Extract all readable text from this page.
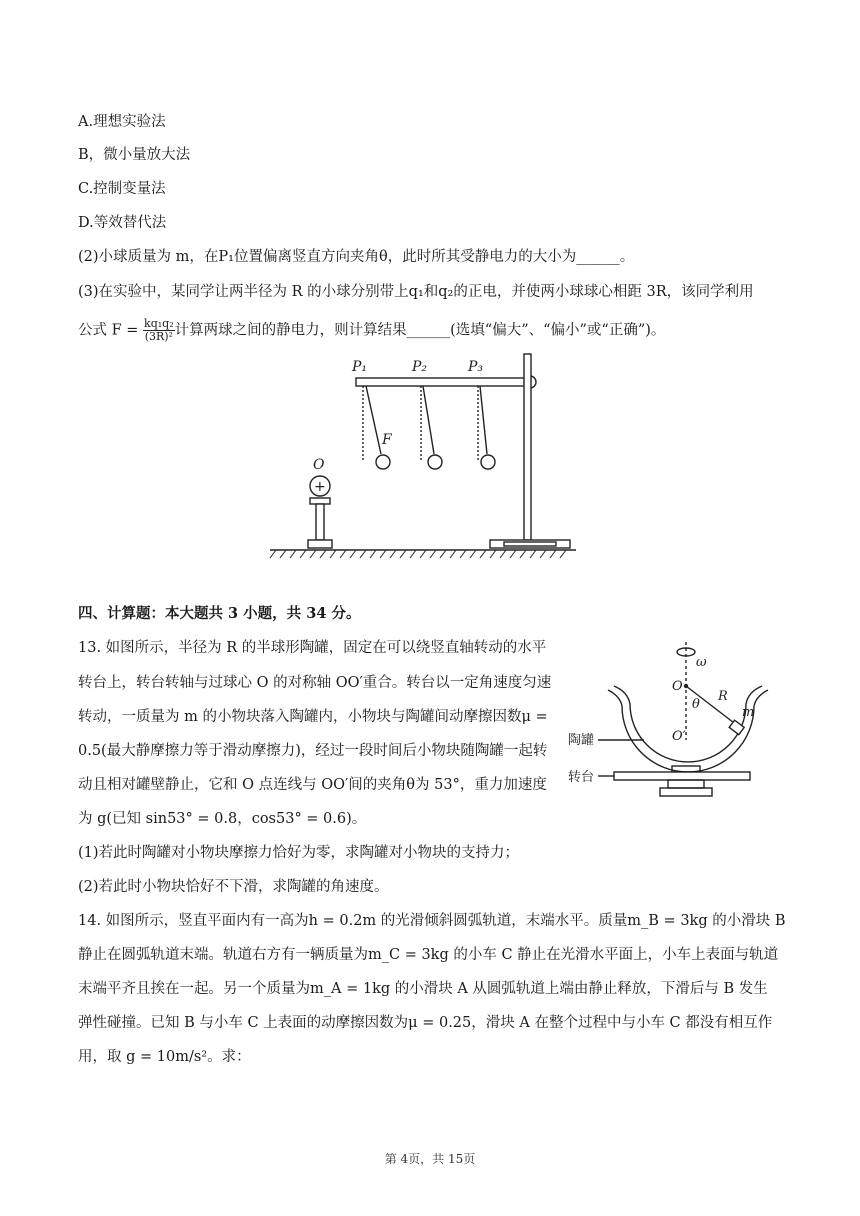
A.理想实验法
B，微小量放大法
C.控制变量法
D.等效替代法
(2)小球质量为 m，在P₁位置偏离竖直方向夹角θ，此时所其受静电力的大小为______。
(3)在实验中，某同学让两半径为 R 的小球分别带上q₁和q₂的正电，并使两小球球心相距 3R，该同学利用
公式 $F = \frac{\text{kq₁q₂}}{\text{(3R)²}}$ 计算两球之间的静电力，则计算结果______(选填“偏大”、“偏小”或“正确”)。
P₁	P₂	P₃
F
O
+
四、计算题：本大题共 3 小题，共 34 分。
13. 如图所示，半径为 R 的半球形陶罐，固定在可以绕竖直轴转动的水平
转台上，转台转轴与过球心 O 的对称轴 OO′重合。转台以一定角速度匀速
转动，一质量为 m 的小物块落入陶罐内，小物块与陶罐间动摩擦因数μ =
0.5(最大静摩擦力等于滑动摩擦力)，经过一段时间后小物块随陶罐一起转
动且相对罐壁静止，它和 O 点连线与 OO′间的夹角θ为 53°，重力加速度
为 g(已知 sin53° = 0.8，cos53° = 0.6)。
(1)若此时陶罐对小物块摩擦力恰好为零，求陶罐对小物块的支持力；
(2)若此时小物块恰好不下滑，求陶罐的角速度。
ω
O
O′
R
θ
m
陶罐
转台
14. 如图所示，竖直平面内有一高为h = 0.2m 的光滑倾斜圆弧轨道，末端水平。质量m_B = 3kg 的小滑块 B
静止在圆弧轨道末端。轨道右方有一辆质量为m_C = 3kg 的小车 C 静止在光滑水平面上，小车上表面与轨道
末端平齐且挨在一起。另一个质量为m_A = 1kg 的小滑块 A 从圆弧轨道上端由静止释放，下滑后与 B 发生
弹性碰撞。已知 B 与小车 C 上表面的动摩擦因数为μ = 0.25，滑块 A 在整个过程中与小车 C 都没有相互作
用，取 g = 10m/s²。求：
第 4页，共 15页
